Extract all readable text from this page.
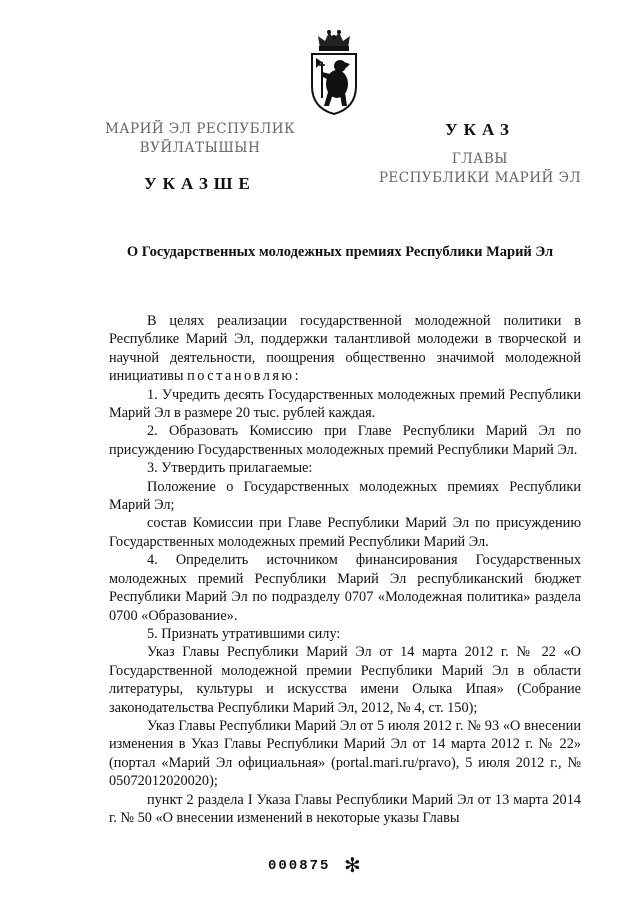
МАРИЙ ЭЛ РЕСПУБЛИК
ВУЙЛАТЫШЫН
УКАЗШЕ
УКАЗ
ГЛАВЫ
РЕСПУБЛИКИ МАРИЙ ЭЛ
О Государственных молодежных премиях Республики Марий Эл

В целях реализации государственной молодежной политики в Республике Марий Эл, поддержки талантливой молодежи в творческой и научной деятельности, поощрения общественно значимой молодежной инициативы постановляю:

1. Учредить десять Государственных молодежных премий Республики Марий Эл в размере 20 тыс. рублей каждая.

2. Образовать Комиссию при Главе Республики Марий Эл по присуждению Государственных молодежных премий Республики Марий Эл.

3. Утвердить прилагаемые:

Положение о Государственных молодежных премиях Республики Марий Эл;

состав Комиссии при Главе Республики Марий Эл по присуждению Государственных молодежных премий Республики Марий Эл.

4. Определить источником финансирования Государственных молодежных премий Республики Марий Эл республиканский бюджет Республики Марий Эл по подразделу 0707 «Молодежная политика» раздела 0700 «Образование».

5. Признать утратившими силу:

Указ Главы Республики Марий Эл от 14 марта 2012 г. № 22 «О Государственной молодежной премии Республики Марий Эл в области литературы, культуры и искусства имени Олыка Ипая» (Собрание законодательства Республики Марий Эл, 2012, № 4, ст. 150);

Указ Главы Республики Марий Эл от 5 июля 2012 г. № 93 «О внесении изменения в Указ Главы Республики Марий Эл от 14 марта 2012 г. № 22» (портал «Марий Эл официальная» (portal.mari.ru/pravo), 5 июля 2012 г., № 05072012020020);

пункт 2 раздела I Указа Главы Республики Марий Эл от 13 марта 2014 г. № 50 «О внесении изменений в некоторые указы Главы

000875 ✻
